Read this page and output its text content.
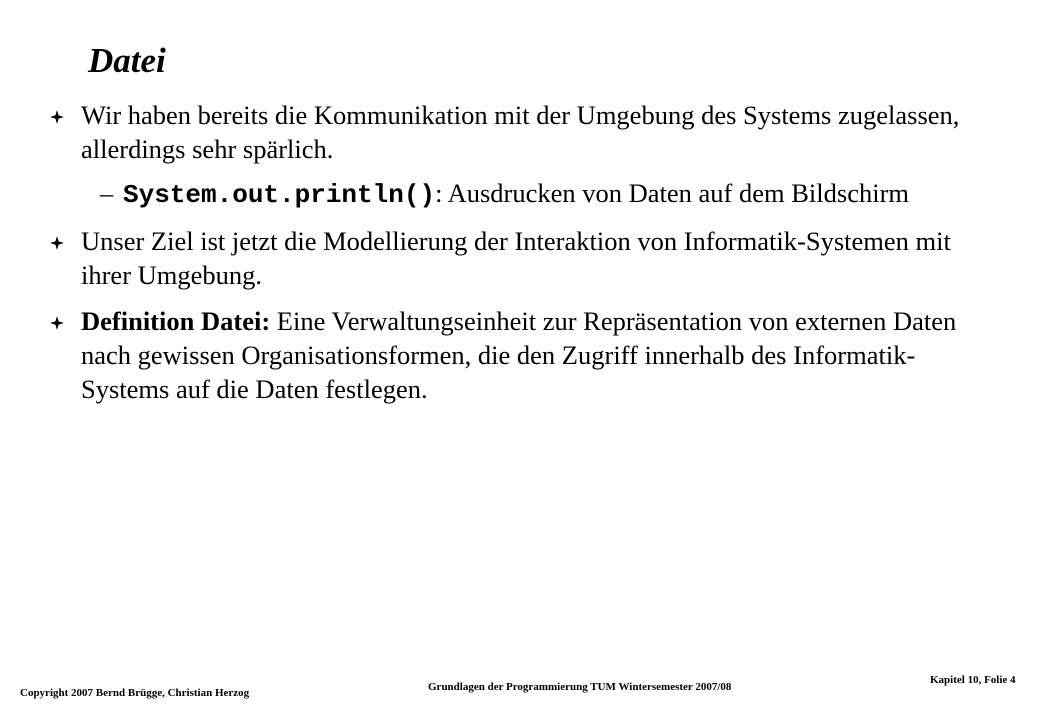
Datei
Wir haben bereits die Kommunikation mit der Umgebung des Systems zugelassen, allerdings sehr spärlich.
– System.out.println(): Ausdrucken von Daten auf dem Bildschirm
Unser Ziel ist jetzt die Modellierung der Interaktion von Informatik-Systemen mit ihrer Umgebung.
Definition Datei: Eine Verwaltungseinheit zur Repräsentation von externen Daten nach gewissen Organisationsformen, die den Zugriff innerhalb des Informatik-Systems auf die Daten festlegen.
Copyright 2007 Bernd Brügge, Christian Herzog	Grundlagen der Programmierung TUM Wintersemester 2007/08
Kapitel 10, Folie 4
